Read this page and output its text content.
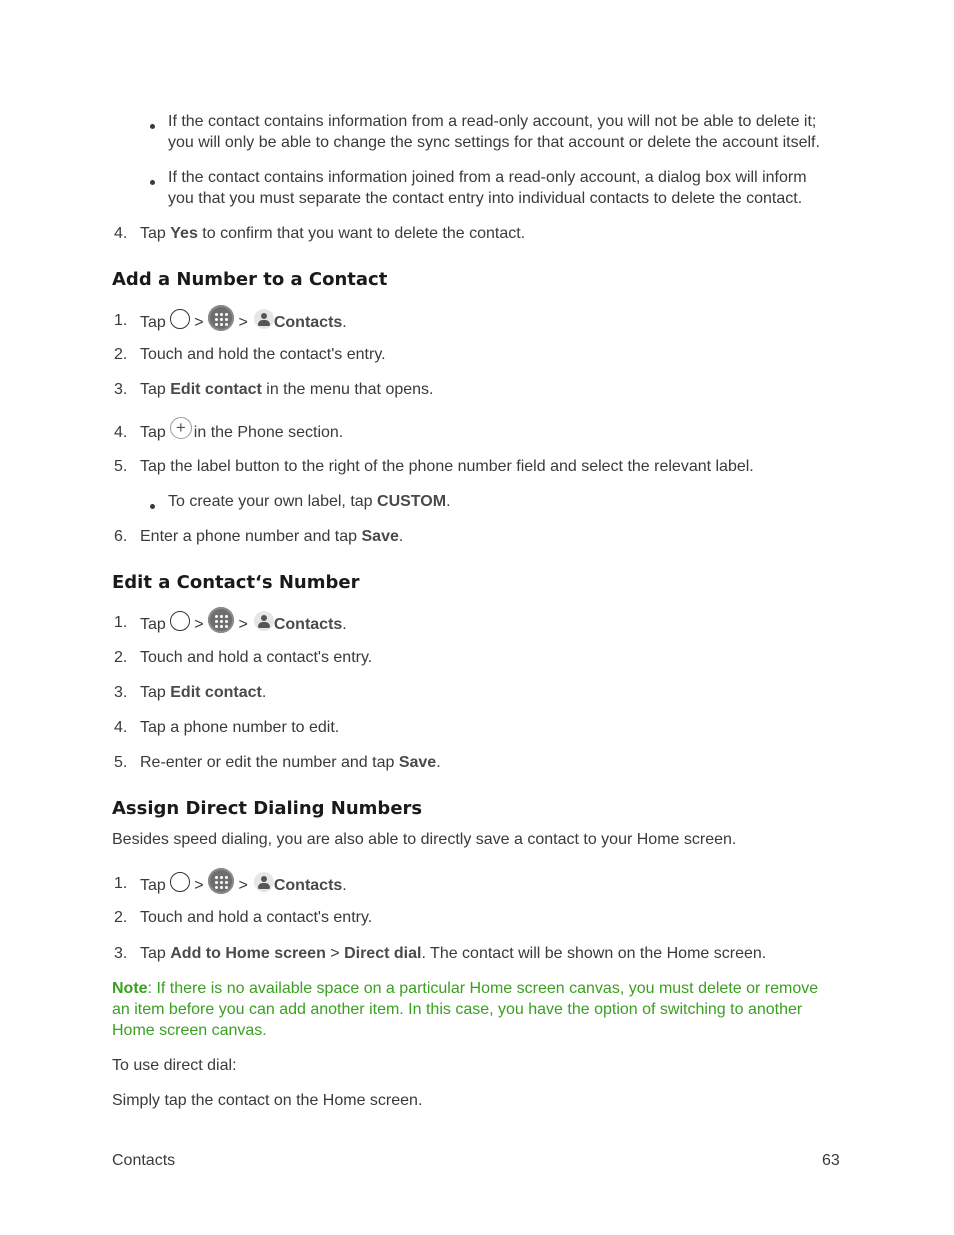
If the contact contains information from a read-only account, you will not be able to delete it;
you will only be able to change the sync settings for that account or delete the account itself.
If the contact contains information joined from a read-only account, a dialog box will inform
you that you must separate the contact entry into individual contacts to delete the contact.
4. Tap Yes to confirm that you want to delete the contact.
Add a Number to a Contact
1. Tap > > Contacts.
2. Touch and hold the contact's entry.
3. Tap Edit contact in the menu that opens.
4. Tap + in the Phone section.
5. Tap the label button to the right of the phone number field and select the relevant label.
To create your own label, tap CUSTOM.
6. Enter a phone number and tap Save.
Edit a Contact‘s Number
1. Tap > > Contacts.
2. Touch and hold a contact's entry.
3. Tap Edit contact.
4. Tap a phone number to edit.
5. Re-enter or edit the number and tap Save.
Assign Direct Dialing Numbers
Besides speed dialing, you are also able to directly save a contact to your Home screen.
1. Tap > > Contacts.
2. Touch and hold a contact's entry.
3. Tap Add to Home screen > Direct dial. The contact will be shown on the Home screen.
Note: If there is no available space on a particular Home screen canvas, you must delete or remove
an item before you can add another item. In this case, you have the option of switching to another
Home screen canvas.
To use direct dial:
Simply tap the contact on the Home screen.
Contacts	63
